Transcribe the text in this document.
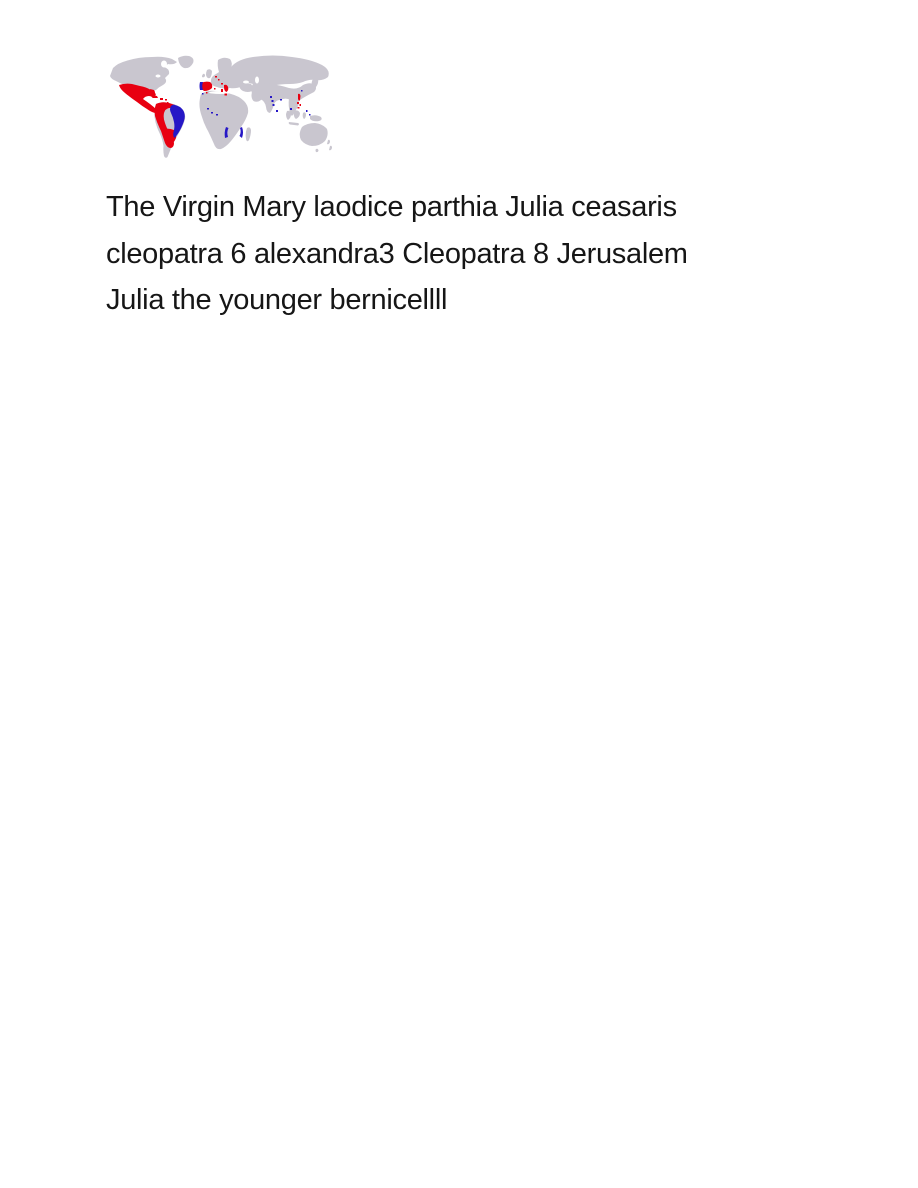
The Virgin Mary laodice parthia Julia ceasaris
cleopatra 6 alexandra3 Cleopatra 8 Jerusalem
Julia the younger bernicellll
